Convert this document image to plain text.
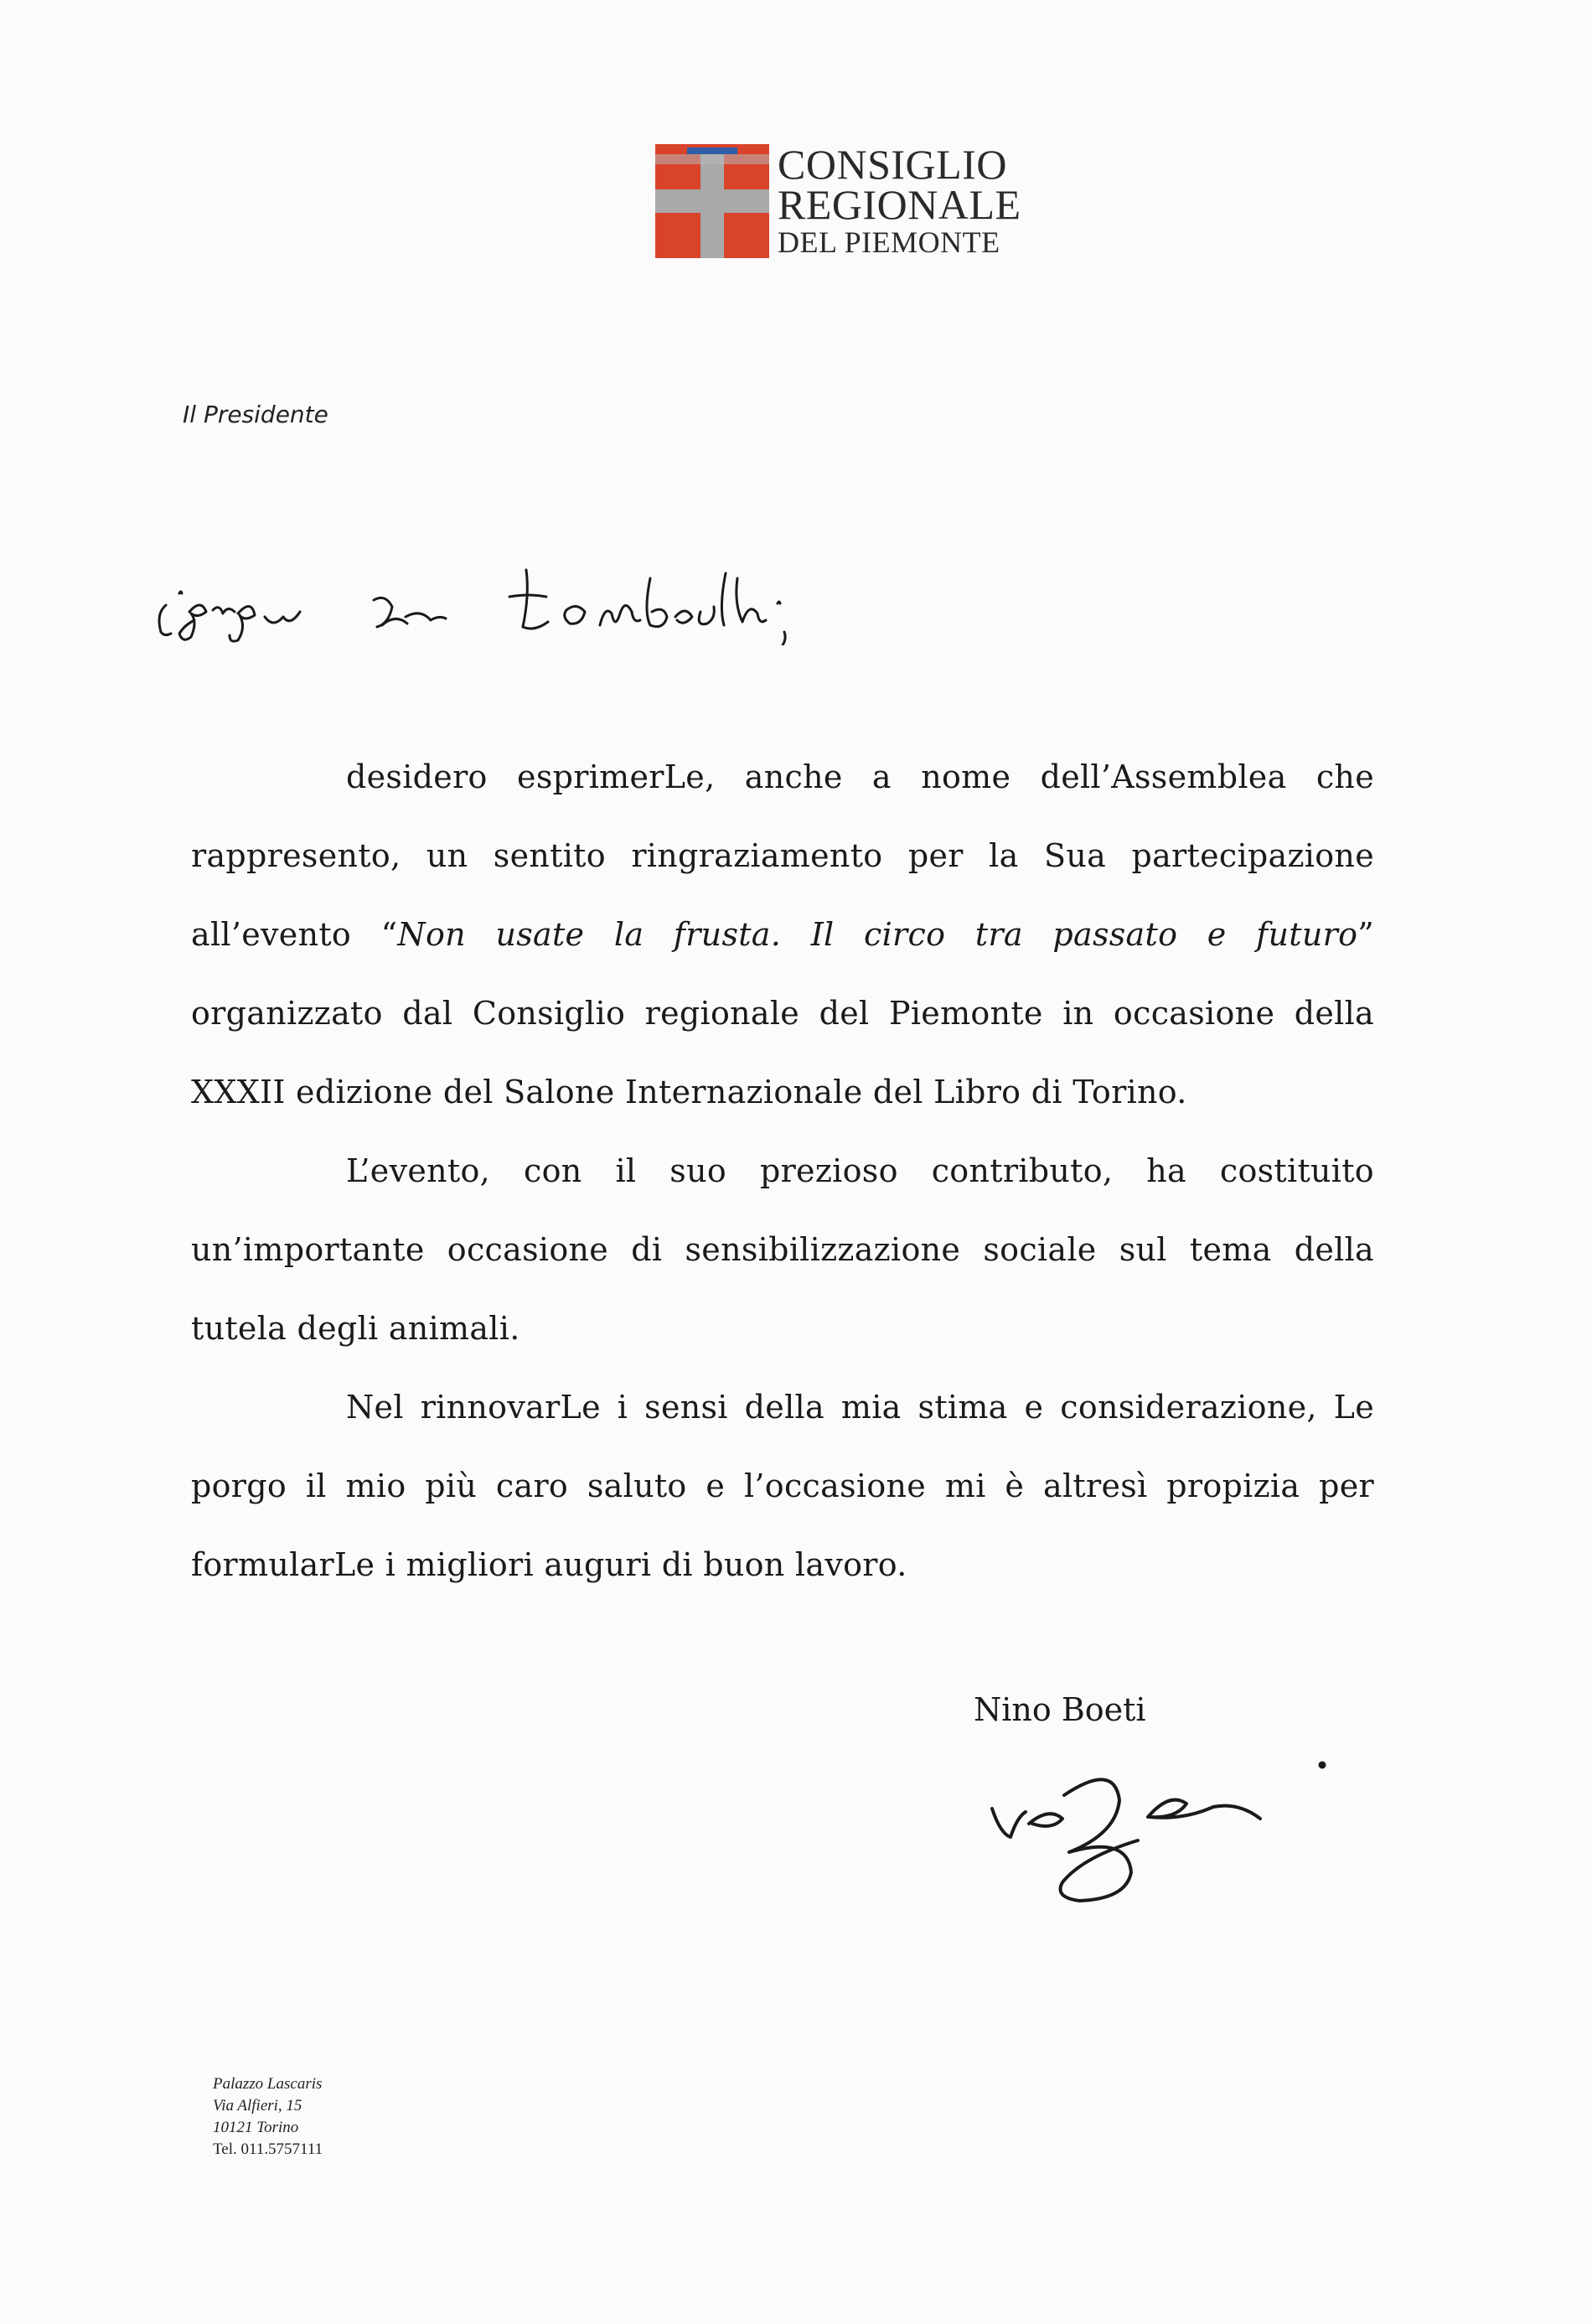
CONSIGLIO
REGIONALE
DEL PIEMONTE
Il Presidente

desidero esprimerLe, anche a nome dell’Assemblea che rappresento, un sentito ringraziamento per la Sua partecipazione all’evento “Non usate la frusta. Il circo tra passato e futuro” organizzato dal Consiglio regionale del Piemonte in occasione della XXXII edizione del Salone Internazionale del Libro di Torino.

L’evento, con il suo prezioso contributo, ha costituito un’importante occasione di sensibilizzazione sociale sul tema della tutela degli animali.

Nel rinnovarLe i sensi della mia stima e considerazione, Le porgo il mio più caro saluto e l’occasione mi è altresì propizia per formularLe i migliori auguri di buon lavoro.

Nino Boeti
Palazzo Lascaris
Via Alfieri, 15
10121 Torino
Tel. 011.5757111
